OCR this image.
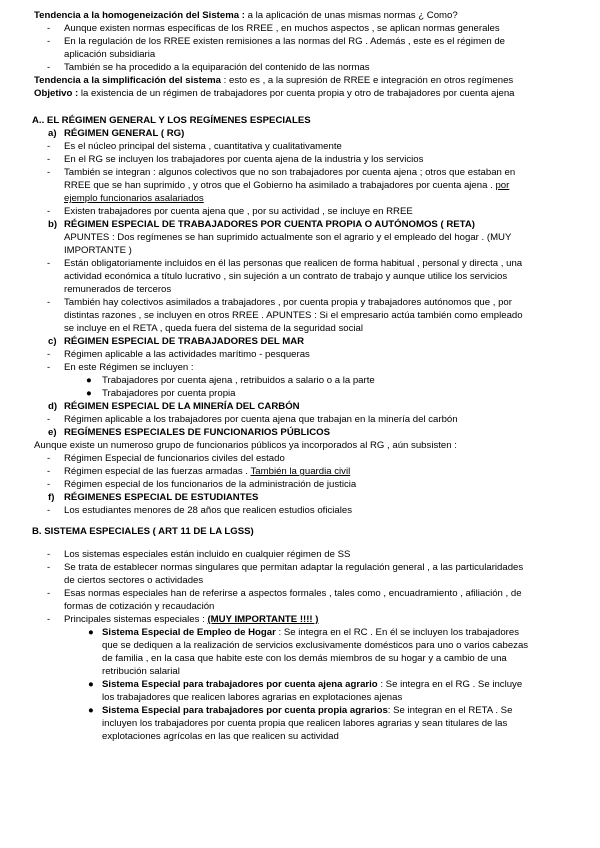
Tendencia a la homogeneización del Sistema : a la aplicación de unas mismas normas ¿ Como?
- Aunque existen normas específicas de los RREE , en muchos aspectos , se aplican normas generales
- En la regulación de los RREE existen remisiones a las normas del RG . Además , este es el régimen de
aplicación subsidiaria
- También se ha procedido a la equiparación del contenido de las normas
Tendencia a la simplificación del sistema : esto es , a la supresión de RREE e integración en otros regímenes
Objetivo : la existencia de un régimen de trabajadores por cuenta propia y otro de trabajadores por cuenta ajena
A.. EL RÉGIMEN GENERAL Y LOS REGÍMENES ESPECIALES
a) RÉGIMEN GENERAL ( RG)
- Es el núcleo principal del sistema , cuantitativa y cualitativamente
- En el RG se incluyen los trabajadores por cuenta ajena de la industria y los servicios
- También se integran : algunos colectivos que no son trabajadores por cuenta ajena ; otros que estaban en
RREE que se han suprimido , y otros que el Gobierno ha asimilado a trabajadores por cuenta ajena . por
ejemplo funcionarios asalariados
- Existen trabajadores por cuenta ajena que , por su actividad , se incluye en RREE
b) RÉGIMEN ESPECIAL DE TRABAJADORES POR CUENTA PROPIA O AUTÓNOMOS ( RETA)
APUNTES : Dos regímenes se han suprimido actualmente son el agrario y el empleado del hogar . (MUY
IMPORTANTE )
- Están obligatoriamente incluidos en él las personas que realicen de forma habitual , personal y directa , una
actividad económica a título lucrativo , sin sujeción a un contrato de trabajo y aunque utilice los servicios
remunerados de terceros
- También hay colectivos asimilados a trabajadores , por cuenta propia y trabajadores autónomos que , por
distintas razones , se incluyen en otros RREE . APUNTES : Si el empresario actúa también como empleado
se incluye en el RETA , queda fuera del sistema de la seguridad social
c) RÉGIMEN ESPECIAL DE TRABAJADORES DEL MAR
- Régimen aplicable a las actividades marítimo - pesqueras
- En este Régimen se incluyen :
● Trabajadores por cuenta ajena , retribuidos a salario o a la parte
● Trabajadores por cuenta propia
d) RÉGIMEN ESPECIAL DE LA MINERÍA DEL CARBÓN
- Régimen aplicable a los trabajadores por cuenta ajena que trabajan en la minería del carbón
e) REGÍMENES ESPECIALES DE FUNCIONARIOS PÚBLICOS
Aunque existe un numeroso grupo de funcionarios públicos ya incorporados al RG , aún subsisten :
- Régimen Especial de funcionarios civiles del estado
- Régimen especial de las fuerzas armadas . También la guardia civil
- Régimen especial de los funcionarios de la administración de justicia
f) RÉGIMENES ESPECIAL DE ESTUDIANTES
- Los estudiantes menores de 28 años que realicen estudios oficiales
B. SISTEMA ESPECIALES ( ART 11 DE LA LGSS)
- Los sistemas especiales están incluido en cualquier régimen de SS
- Se trata de establecer normas singulares que permitan adaptar la regulación general , a las particularidades
de ciertos sectores o actividades
- Esas normas especiales han de referirse a aspectos formales , tales como , encuadramiento , afiliación , de
formas de cotización y recaudación
- Principales sistemas especiales : (MUY IMPORTANTE !!!! )
● Sistema Especial de Empleo de Hogar : Se integra en el RC . En él se incluyen los trabajadores
que se dediquen a la realización de servicios exclusivamente domésticos para uno o varios cabezas
de familia , en la casa que habite este con los demás miembros de su hogar y a cambio de una
retribución salarial
● Sistema Especial para trabajadores por cuenta ajena agrario : Se integra en el RG . Se incluye
los trabajadores que realicen labores agrarias en explotaciones ajenas
● Sistema Especial para trabajadores por cuenta propia agrarios: Se integran en el RETA . Se
incluyen los trabajadores por cuenta propia que realicen labores agrarias y sean titulares de las
explotaciones agrícolas en las que realicen su actividad
